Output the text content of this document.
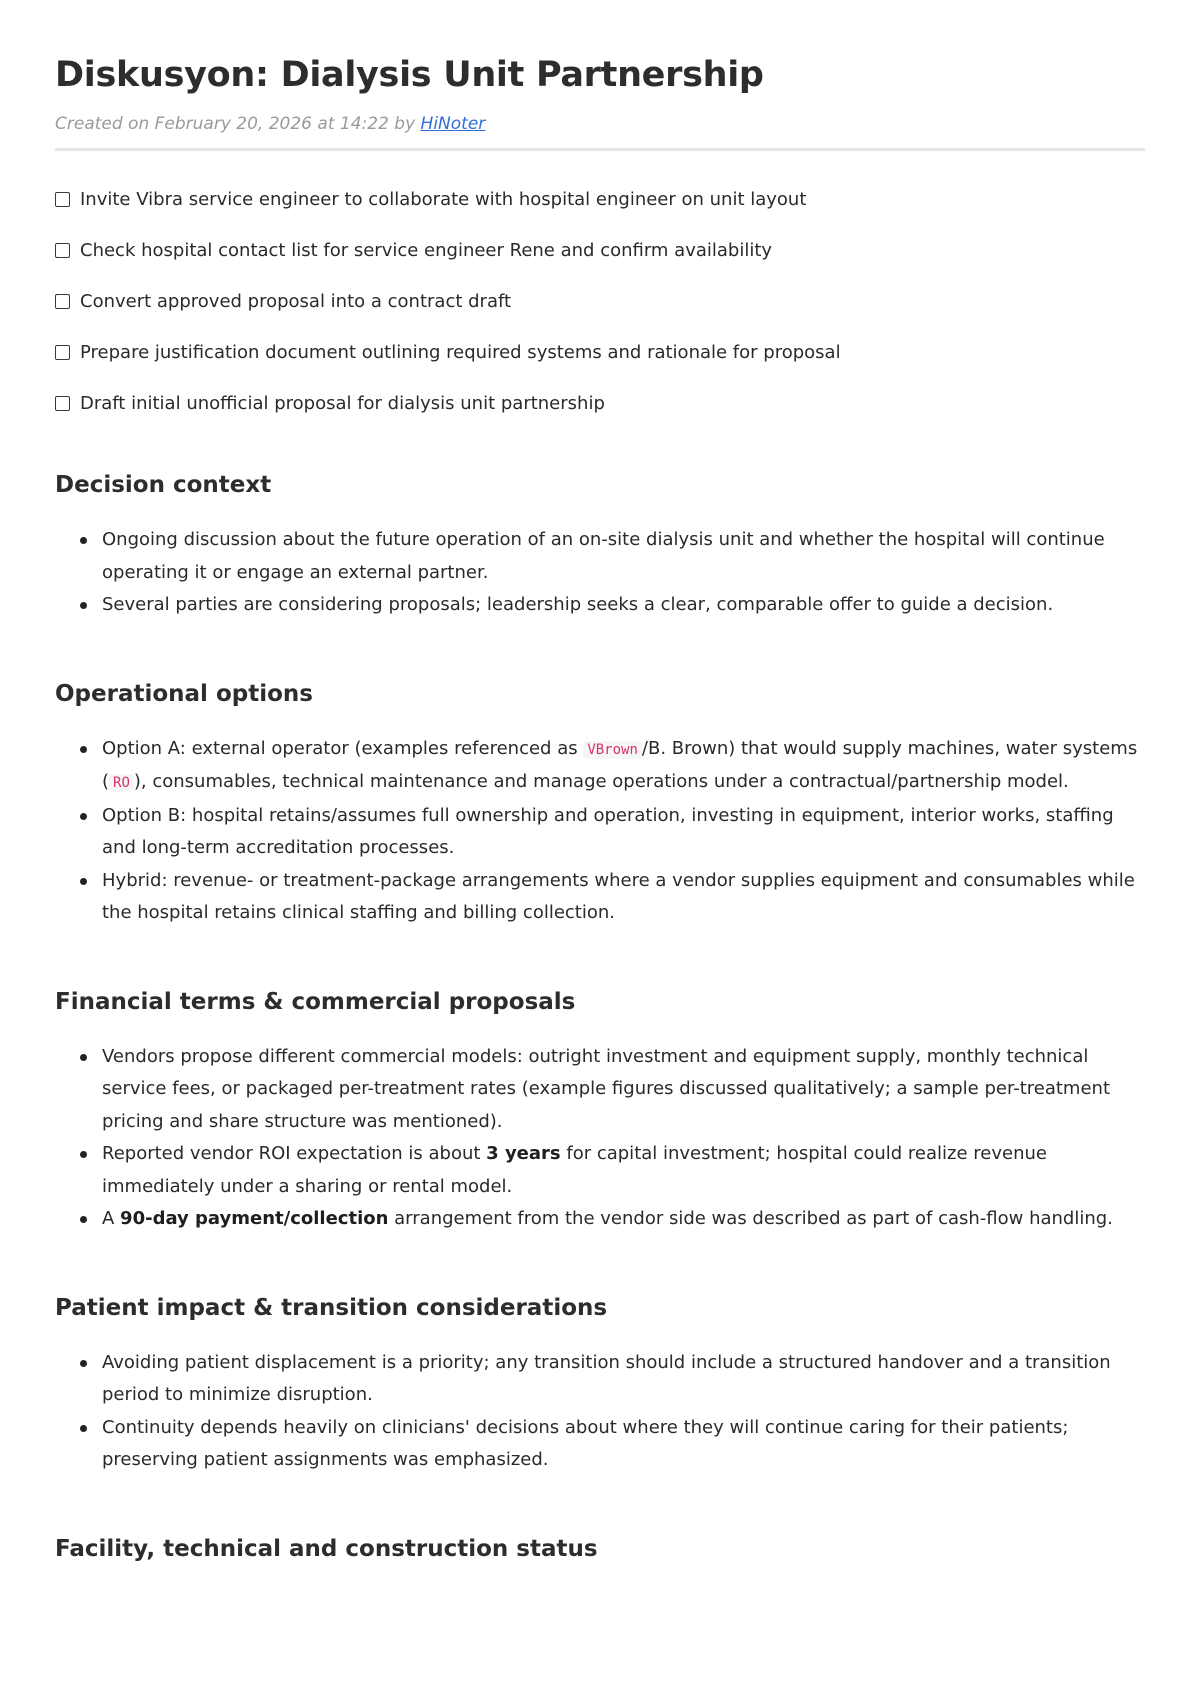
Diskusyon: Dialysis Unit Partnership
Created on February 20, 2026 at 14:22 by HiNoter
Invite Vibra service engineer to collaborate with hospital engineer on unit layout
Check hospital contact list for service engineer Rene and confirm availability
Convert approved proposal into a contract draft
Prepare justification document outlining required systems and rationale for proposal
Draft initial unofficial proposal for dialysis unit partnership
Decision context
Ongoing discussion about the future operation of an on-site dialysis unit and whether the hospital will continue operating it or engage an external partner.
Several parties are considering proposals; leadership seeks a clear, comparable offer to guide a decision.
Operational options
Option A: external operator (examples referenced as VBrown /B. Brown) that would supply machines, water systems ( RO ), consumables, technical maintenance and manage operations under a contractual/partnership model.
Option B: hospital retains/assumes full ownership and operation, investing in equipment, interior works, staffing and long-term accreditation processes.
Hybrid: revenue- or treatment-package arrangements where a vendor supplies equipment and consumables while the hospital retains clinical staffing and billing collection.
Financial terms & commercial proposals
Vendors propose different commercial models: outright investment and equipment supply, monthly technical service fees, or packaged per-treatment rates (example figures discussed qualitatively; a sample per-treatment pricing and share structure was mentioned).
Reported vendor ROI expectation is about 3 years for capital investment; hospital could realize revenue immediately under a sharing or rental model.
A 90-day payment/collection arrangement from the vendor side was described as part of cash-flow handling.
Patient impact & transition considerations
Avoiding patient displacement is a priority; any transition should include a structured handover and a transition period to minimize disruption.
Continuity depends heavily on clinicians' decisions about where they will continue caring for their patients; preserving patient assignments was emphasized.
Facility, technical and construction status
